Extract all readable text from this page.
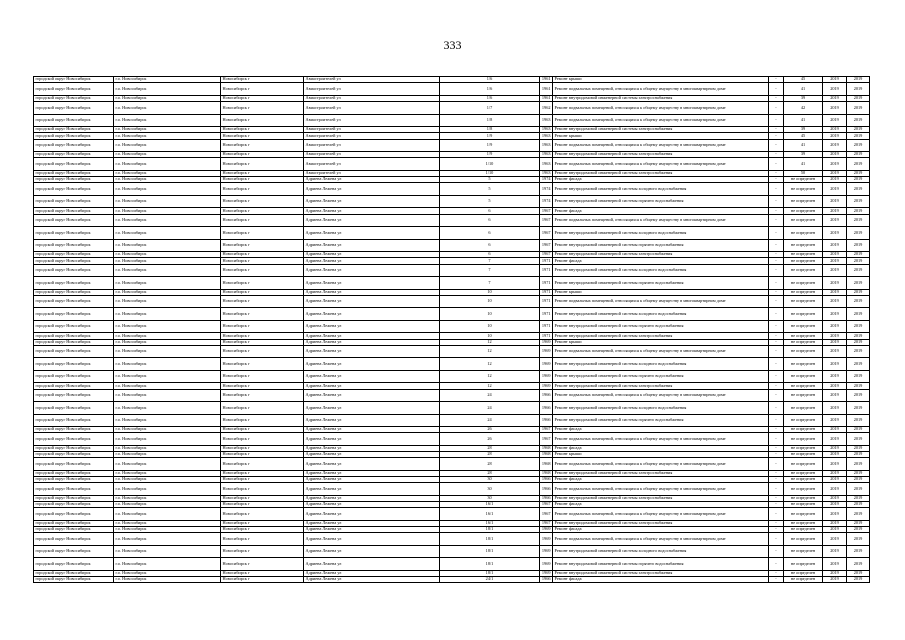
333
городской округ Новосибирск	г.о. Новосибирск	Новосибирск г	Авиастроителей ул	1/6	1961	Ремонт крыши	-	45	2019	2019
городской округ Новосибирск	г.о. Новосибирск	Новосибирск г	Авиастроителей ул	1/6	1961	Ремонт подвальных помещений, относящихся к общему имуществу в многоквартирном доме	-	41	2019	2019
городской округ Новосибирск	г.о. Новосибирск	Новосибирск г	Авиастроителей ул	1/6	1961	Ремонт внутридомовой инженерной системы электроснабжения	-	39	2019	2019
городской округ Новосибирск	г.о. Новосибирск	Новосибирск г	Авиастроителей ул	1/7	1962	Ремонт подвальных помещений, относящихся к общему имуществу в многоквартирном доме	-	42	2019	2019
городской округ Новосибирск	г.о. Новосибирск	Новосибирск г	Авиастроителей ул	1/8	1963	Ремонт подвальных помещений, относящихся к общему имуществу в многоквартирном доме	-	41	2019	2019
городской округ Новосибирск	г.о. Новосибирск	Новосибирск г	Авиастроителей ул	1/8	1963	Ремонт внутридомовой инженерной системы электроснабжения	-	39	2019	2019
городской округ Новосибирск	г.о. Новосибирск	Новосибирск г	Авиастроителей ул	1/9	1963	Ремонт крыши	-	45	2019	2019
городской округ Новосибирск	г.о. Новосибирск	Новосибирск г	Авиастроителей ул	1/9	1963	Ремонт подвальных помещений, относящихся к общему имуществу в многоквартирном доме	-	41	2019	2019
городской округ Новосибирск	г.о. Новосибирск	Новосибирск г	Авиастроителей ул	1/9	1963	Ремонт внутридомовой инженерной системы электроснабжения	-	39	2019	2019
городской округ Новосибирск	г.о. Новосибирск	Новосибирск г	Авиастроителей ул	1/10	1963	Ремонт подвальных помещений, относящихся к общему имуществу в многоквартирном доме	-	41	2019	2019
городской округ Новосибирск	г.о. Новосибирск	Новосибирск г	Авиастроителей ул	1/10	1963	Ремонт внутридомовой инженерной системы электроснабжения	-	50	2019	2019
городской округ Новосибирск	г.о. Новосибирск	Новосибирск г	Адриена Лежена ул	5	1974	Ремонт фасада	-	не определен	2019	2019
городской округ Новосибирск	г.о. Новосибирск	Новосибирск г	Адриена Лежена ул	5	1974	Ремонт внутридомовой инженерной системы холодного водоснабжения	-	не определен	2019	2019
городской округ Новосибирск	г.о. Новосибирск	Новосибирск г	Адриена Лежена ул	5	1974	Ремонт внутридомовой инженерной системы горячего водоснабжения	-	не определен	2019	2019
городской округ Новосибирск	г.о. Новосибирск	Новосибирск г	Адриена Лежена ул	6	1967	Ремонт фасада	-	не определен	2019	2019
городской округ Новосибирск	г.о. Новосибирск	Новосибирск г	Адриена Лежена ул	6	1967	Ремонт подвальных помещений, относящихся к общему имуществу в многоквартирном доме	-	не определен	2019	2019
городской округ Новосибирск	г.о. Новосибирск	Новосибирск г	Адриена Лежена ул	6	1967	Ремонт внутридомовой инженерной системы холодного водоснабжения	-	не определен	2019	2019
городской округ Новосибирск	г.о. Новосибирск	Новосибирск г	Адриена Лежена ул	6	1967	Ремонт внутридомовой инженерной системы горячего водоснабжения	-	не определен	2019	2019
городской округ Новосибирск	г.о. Новосибирск	Новосибирск г	Адриена Лежена ул	6	1967	Ремонт внутридомовой инженерной системы электроснабжения	-	не определен	2019	2019
городской округ Новосибирск	г.о. Новосибирск	Новосибирск г	Адриена Лежена ул	7	1971	Ремонт фасада	-	не определен	2019	2019
городской округ Новосибирск	г.о. Новосибирск	Новосибирск г	Адриена Лежена ул	7	1971	Ремонт внутридомовой инженерной системы холодного водоснабжения	-	не определен	2019	2019
городской округ Новосибирск	г.о. Новосибирск	Новосибирск г	Адриена Лежена ул	7	1971	Ремонт внутридомовой инженерной системы горячего водоснабжения	-	не определен	2019	2019
городской округ Новосибирск	г.о. Новосибирск	Новосибирск г	Адриена Лежена ул	10	1971	Ремонт крыши	-	не определен	2019	2019
городской округ Новосибирск	г.о. Новосибирск	Новосибирск г	Адриена Лежена ул	10	1971	Ремонт подвальных помещений, относящихся к общему имуществу в многоквартирном доме	-	не определен	2019	2019
городской округ Новосибирск	г.о. Новосибирск	Новосибирск г	Адриена Лежена ул	10	1971	Ремонт внутридомовой инженерной системы холодного водоснабжения	-	не определен	2019	2019
городской округ Новосибирск	г.о. Новосибирск	Новосибирск г	Адриена Лежена ул	10	1971	Ремонт внутридомовой инженерной системы горячего водоснабжения	-	не определен	2019	2019
городской округ Новосибирск	г.о. Новосибирск	Новосибирск г	Адриена Лежена ул	10	1971	Ремонт внутридомовой инженерной системы электроснабжения	-	не определен	2019	2019
городской округ Новосибирск	г.о. Новосибирск	Новосибирск г	Адриена Лежена ул	12	1969	Ремонт крыши	-	не определен	2019	2019
городской округ Новосибирск	г.о. Новосибирск	Новосибирск г	Адриена Лежена ул	12	1969	Ремонт подвальных помещений, относящихся к общему имуществу в многоквартирном доме	-	не определен	2019	2019
городской округ Новосибирск	г.о. Новосибирск	Новосибирск г	Адриена Лежена ул	12	1969	Ремонт внутридомовой инженерной системы холодного водоснабжения	-	не определен	2019	2019
городской округ Новосибирск	г.о. Новосибирск	Новосибирск г	Адриена Лежена ул	12	1969	Ремонт внутридомовой инженерной системы горячего водоснабжения	-	не определен	2019	2019
городской округ Новосибирск	г.о. Новосибирск	Новосибирск г	Адриена Лежена ул	12	1969	Ремонт внутридомовой инженерной системы электроснабжения	-	не определен	2019	2019
городской округ Новосибирск	г.о. Новосибирск	Новосибирск г	Адриена Лежена ул	24	1966	Ремонт подвальных помещений, относящихся к общему имуществу в многоквартирном доме	-	не определен	2019	2019
городской округ Новосибирск	г.о. Новосибирск	Новосибирск г	Адриена Лежена ул	24	1966	Ремонт внутридомовой инженерной системы холодного водоснабжения	-	не определен	2019	2019
городской округ Новосибирск	г.о. Новосибирск	Новосибирск г	Адриена Лежена ул	24	1966	Ремонт внутридомовой инженерной системы горячего водоснабжения	-	не определен	2019	2019
городской округ Новосибирск	г.о. Новосибирск	Новосибирск г	Адриена Лежена ул	26	1967	Ремонт фасада	-	не определен	2019	2019
городской округ Новосибирск	г.о. Новосибирск	Новосибирск г	Адриена Лежена ул	26	1967	Ремонт подвальных помещений, относящихся к общему имуществу в многоквартирном доме	-	не определен	2019	2019
городской округ Новосибирск	г.о. Новосибирск	Новосибирск г	Адриена Лежена ул	28	1968	Ремонт фасада	-	не определен	2019	2019
городской округ Новосибирск	г.о. Новосибирск	Новосибирск г	Адриена Лежена ул	28	1968	Ремонт крыши	-	не определен	2019	2019
городской округ Новосибирск	г.о. Новосибирск	Новосибирск г	Адриена Лежена ул	28	1968	Ремонт подвальных помещений, относящихся к общему имуществу в многоквартирном доме	-	не определен	2019	2019
городской округ Новосибирск	г.о. Новосибирск	Новосибирск г	Адриена Лежена ул	28	1968	Ремонт внутридомовой инженерной системы электроснабжения	-	не определен	2019	2019
городской округ Новосибирск	г.о. Новосибирск	Новосибирск г	Адриена Лежена ул	30	1966	Ремонт фасада	-	не определен	2019	2019
городской округ Новосибирск	г.о. Новосибирск	Новосибирск г	Адриена Лежена ул	30	1966	Ремонт подвальных помещений, относящихся к общему имуществу в многоквартирном доме	-	не определен	2019	2019
городской округ Новосибирск	г.о. Новосибирск	Новосибирск г	Адриена Лежена ул	30	1966	Ремонт внутридомовой инженерной системы электроснабжения	-	не определен	2019	2019
городской округ Новосибирск	г.о. Новосибирск	Новосибирск г	Адриена Лежена ул	16/1	1967	Ремонт фасада	-	не определен	2019	2019
городской округ Новосибирск	г.о. Новосибирск	Новосибирск г	Адриена Лежена ул	16/1	1967	Ремонт подвальных помещений, относящихся к общему имуществу в многоквартирном доме	-	не определен	2019	2019
городской округ Новосибирск	г.о. Новосибирск	Новосибирск г	Адриена Лежена ул	16/1	1967	Ремонт внутридомовой инженерной системы электроснабжения	-	не определен	2019	2019
городской округ Новосибирск	г.о. Новосибирск	Новосибирск г	Адриена Лежена ул	18/1	1969	Ремонт фасада	-	не определен	2019	2019
городской округ Новосибирск	г.о. Новосибирск	Новосибирск г	Адриена Лежена ул	18/1	1969	Ремонт подвальных помещений, относящихся к общему имуществу в многоквартирном доме	-	не определен	2019	2019
городской округ Новосибирск	г.о. Новосибирск	Новосибирск г	Адриена Лежена ул	18/1	1969	Ремонт внутридомовой инженерной системы холодного водоснабжения	-	не определен	2019	2019
городской округ Новосибирск	г.о. Новосибирск	Новосибирск г	Адриена Лежена ул	18/1	1969	Ремонт внутридомовой инженерной системы горячего водоснабжения	-	не определен	2019	2019
городской округ Новосибирск	г.о. Новосибирск	Новосибирск г	Адриена Лежена ул	18/1	1969	Ремонт внутридомовой инженерной системы электроснабжения	-	не определен	2019	2019
городской округ Новосибирск	г.о. Новосибирск	Новосибирск г	Адриена Лежена ул	24/1	1966	Ремонт фасада	-	не определен	2019	2019
